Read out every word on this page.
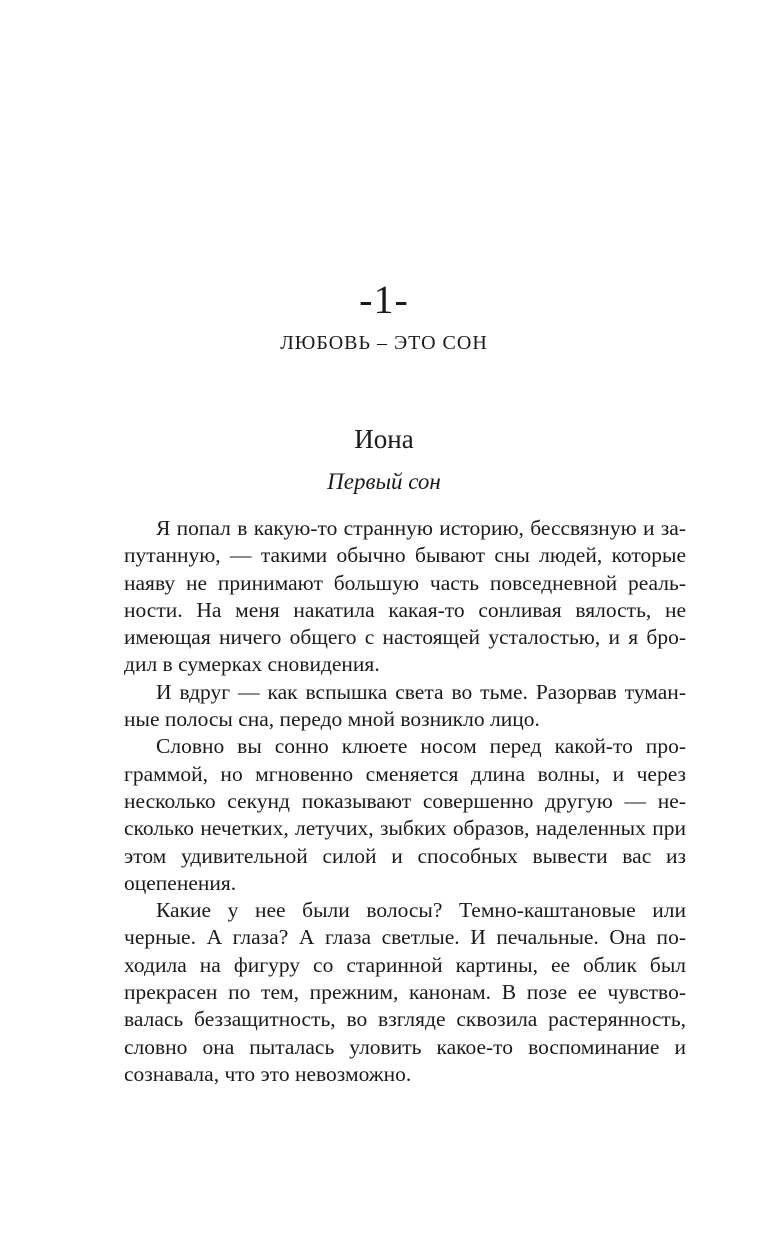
-1-
ЛЮБОВЬ – ЭТО СОН
Иона
Первый сон

Я попал в какую-то странную историю, бессвязную и запутанную, — такими обычно бывают сны людей, которые наяву не принимают большую часть повседневной реальности. На меня накатила какая-то сонливая вялость, не имеющая ничего общего с настоящей усталостью, и я бродил в сумерках сновидения.

И вдруг — как вспышка света во тьме. Разорвав туманные полосы сна, передо мной возникло лицо.

Словно вы сонно клюете носом перед какой-то программой, но мгновенно сменяется длина волны, и через несколько секунд показывают совершенно другую — несколько нечетких, летучих, зыбких образов, наделенных при этом удивительной силой и способных вывести вас из оцепенения.

Какие у нее были волосы? Темно-каштановые или черные. А глаза? А глаза светлые. И печальные. Она походила на фигуру со старинной картины, ее облик был прекрасен по тем, прежним, канонам. В позе ее чувствовалась беззащитность, во взгляде сквозила растерянность, словно она пыталась уловить какое-то воспоминание и сознавала, что это невозможно.
